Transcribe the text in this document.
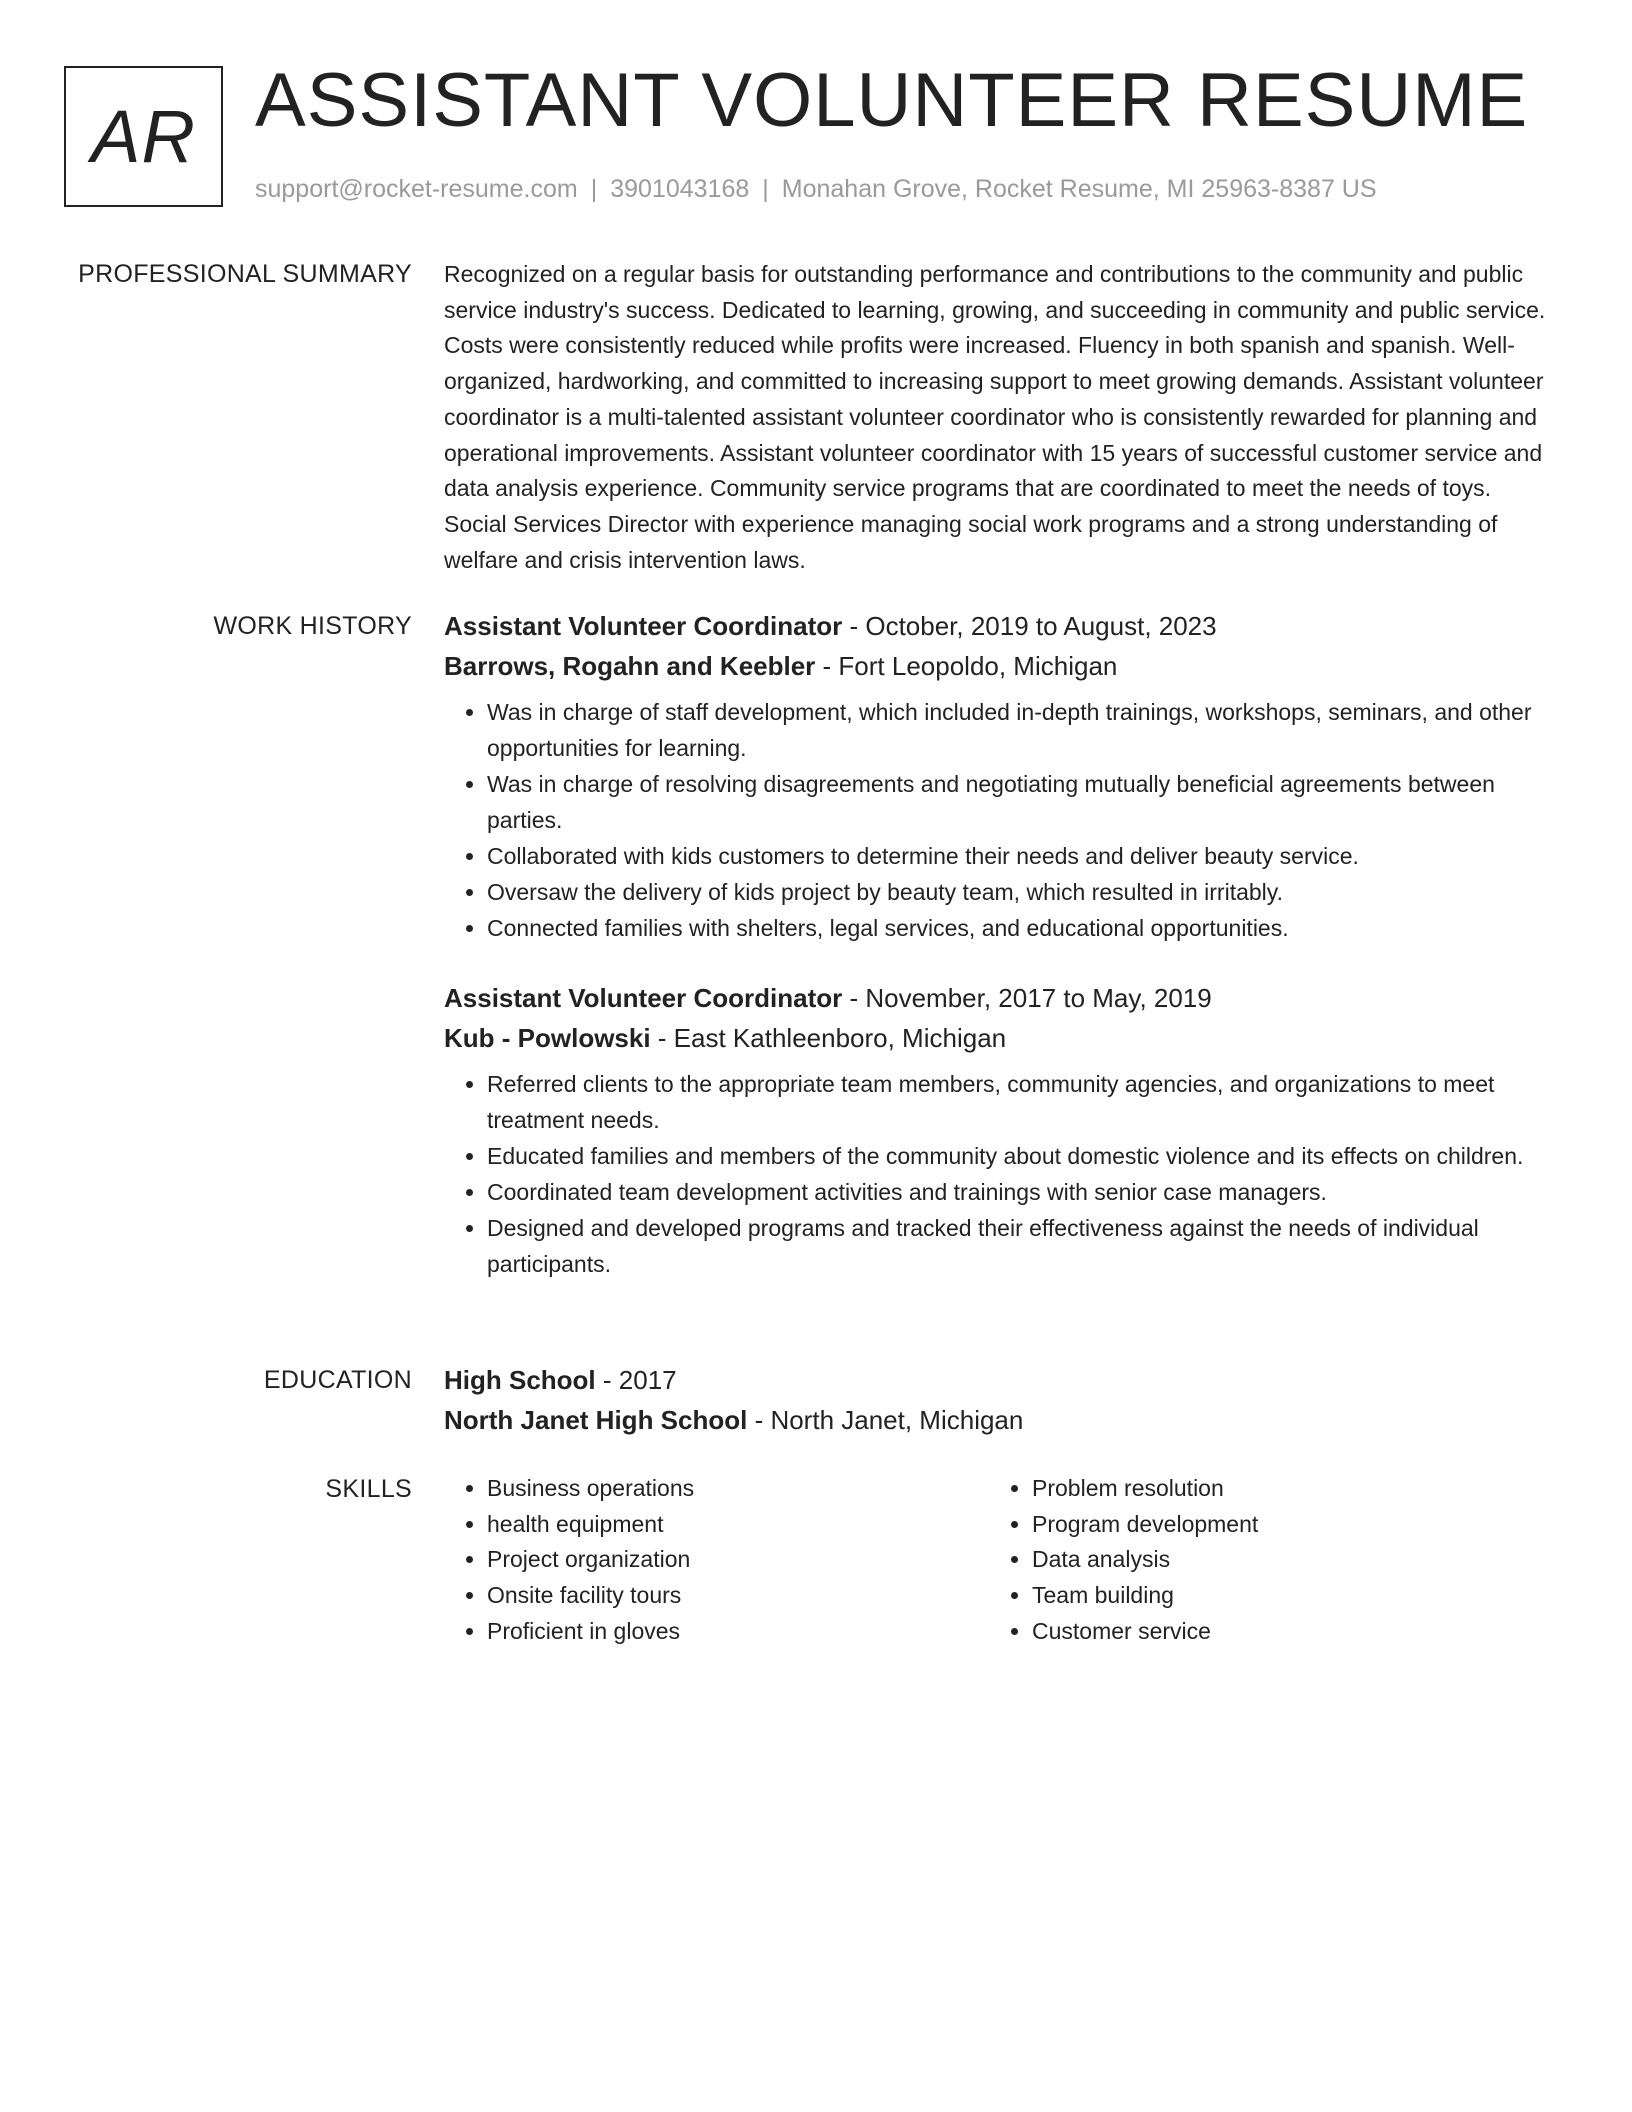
AR ASSISTANT VOLUNTEER RESUME
support@rocket-resume.com | 3901043168 | Monahan Grove, Rocket Resume, MI 25963-8387 US
PROFESSIONAL SUMMARY Recognized on a regular basis for outstanding performance and contributions to the community and public service industry's success. Dedicated to learning, growing, and succeeding in community and public service. Costs were consistently reduced while profits were increased. Fluency in both spanish and spanish. Well-organized, hardworking, and committed to increasing support to meet growing demands. Assistant volunteer coordinator is a multi-talented assistant volunteer coordinator who is consistently rewarded for planning and operational improvements. Assistant volunteer coordinator with 15 years of successful customer service and data analysis experience. Community service programs that are coordinated to meet the needs of toys. Social Services Director with experience managing social work programs and a strong understanding of welfare and crisis intervention laws.

WORK HISTORY Assistant Volunteer Coordinator - October, 2019 to August, 2023
Barrows, Rogahn and Keebler - Fort Leopoldo, Michigan
• Was in charge of staff development, which included in-depth trainings, workshops, seminars, and other opportunities for learning.
• Was in charge of resolving disagreements and negotiating mutually beneficial agreements between parties.
• Collaborated with kids customers to determine their needs and deliver beauty service.
• Oversaw the delivery of kids project by beauty team, which resulted in irritably.
• Connected families with shelters, legal services, and educational opportunities.
Assistant Volunteer Coordinator - November, 2017 to May, 2019
Kub - Powlowski - East Kathleenboro, Michigan
• Referred clients to the appropriate team members, community agencies, and organizations to meet treatment needs.
• Educated families and members of the community about domestic violence and its effects on children.
• Coordinated team development activities and trainings with senior case managers.
• Designed and developed programs and tracked their effectiveness against the needs of individual participants.
EDUCATION High School - 2017
North Janet High School - North Janet, Michigan
SKILLS
•	Business operations
• health equipment
• Project organization
• Onsite facility tours
• Proficient in gloves
• Problem resolution
• Program development
• Data analysis
• Team building
• Customer service
